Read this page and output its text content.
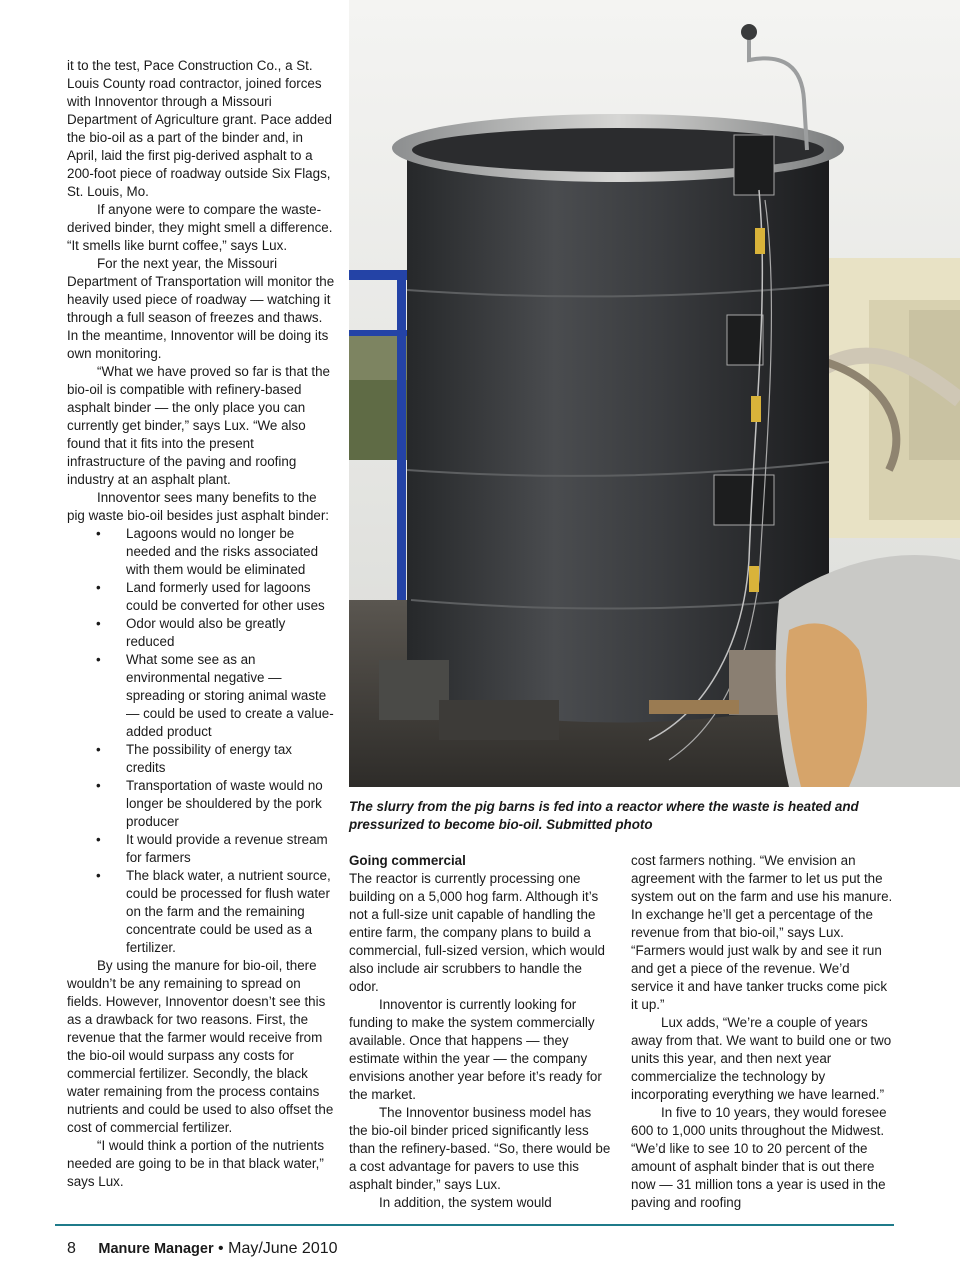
it to the test, Pace Construction Co., a St. Louis County road contractor, joined forces with Innoventor through a Missouri Department of Agriculture grant. Pace added the bio-oil as a part of the binder and, in April, laid the first pig-derived asphalt to a 200-foot piece of roadway outside Six Flags, St. Louis, Mo.

If anyone were to compare the waste-derived binder, they might smell a difference. “It smells like burnt coffee,” says Lux.

For the next year, the Missouri Department of Transportation will monitor the heavily used piece of roadway — watching it through a full season of freezes and thaws. In the meantime, Innoventor will be doing its own monitoring.

“What we have proved so far is that the bio-oil is compatible with refinery-based asphalt binder — the only place you can currently get binder,” says Lux. “We also found that it fits into the present infrastructure of the paving and roofing industry at an asphalt plant.

Innoventor sees many benefits to the pig waste bio-oil besides just asphalt binder:

• Lagoons would no longer be needed and the risks associated with them would be eliminated
• Land formerly used for lagoons could be converted for other uses
• Odor would also be greatly reduced
• What some see as an environmental negative — spreading or storing animal waste — could be used to create a value-added product
• The possibility of energy tax credits
• Transportation of waste would no longer be shouldered by the pork producer
• It would provide a revenue stream for farmers
• The black water, a nutrient source, could be processed for flush water on the farm and the remaining concentrate could be used as a fertilizer.

By using the manure for bio-oil, there wouldn’t be any remaining to spread on fields. However, Innoventor doesn’t see this as a drawback for two reasons. First, the revenue that the farmer would receive from the bio-oil would surpass any costs for commercial fertilizer. Secondly, the black water remaining from the process contains nutrients and could be used to also offset the cost of commercial fertilizer.

“I would think a portion of the nutrients needed are going to be in that black water,” says Lux.

The slurry from the pig barns is fed into a reactor where the waste is heated and pressurized to become bio-oil. Submitted photo

Going commercial

The reactor is currently processing one building on a 5,000 hog farm. Although it’s not a full-size unit capable of handling the entire farm, the company plans to build a commercial, full-sized version, which would also include air scrubbers to handle the odor.

Innoventor is currently looking for funding to make the system commercially available. Once that happens — they estimate within the year — the company envisions another year before it’s ready for the market.

The Innoventor business model has the bio-oil binder priced significantly less than the refinery-based. “So, there would be a cost advantage for pavers to use this asphalt binder,” says Lux.

In addition, the system would

cost farmers nothing. “We envision an agreement with the farmer to let us put the system out on the farm and use his manure. In exchange he’ll get a percentage of the revenue from that bio-oil,” says Lux. “Farmers would just walk by and see it run and get a piece of the revenue. We’d service it and have tanker trucks come pick it up.”

Lux adds, “We’re a couple of years away from that. We want to build one or two units this year, and then next year commercialize the technology by incorporating everything we have learned.”

In five to 10 years, they would foresee 600 to 1,000 units throughout the Midwest. “We’d like to see 10 to 20 percent of the amount of asphalt binder that is out there now — 31 million tons a year is used in the paving and roofing

8 Manure Manager • May/June 2010
